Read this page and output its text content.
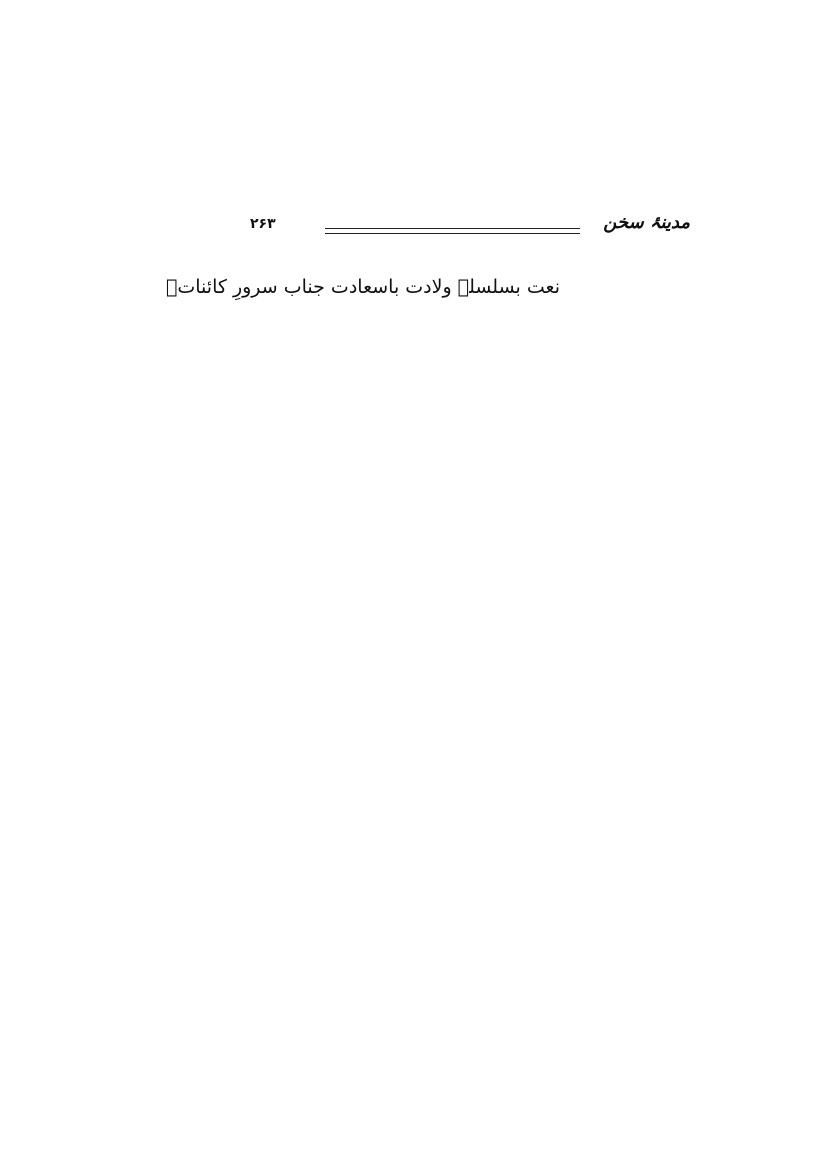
۲۶۳	مدینۂ سخن
نعت بسلسلۂ ولادت باسعادت جناب سرورِ کائناتؐ
